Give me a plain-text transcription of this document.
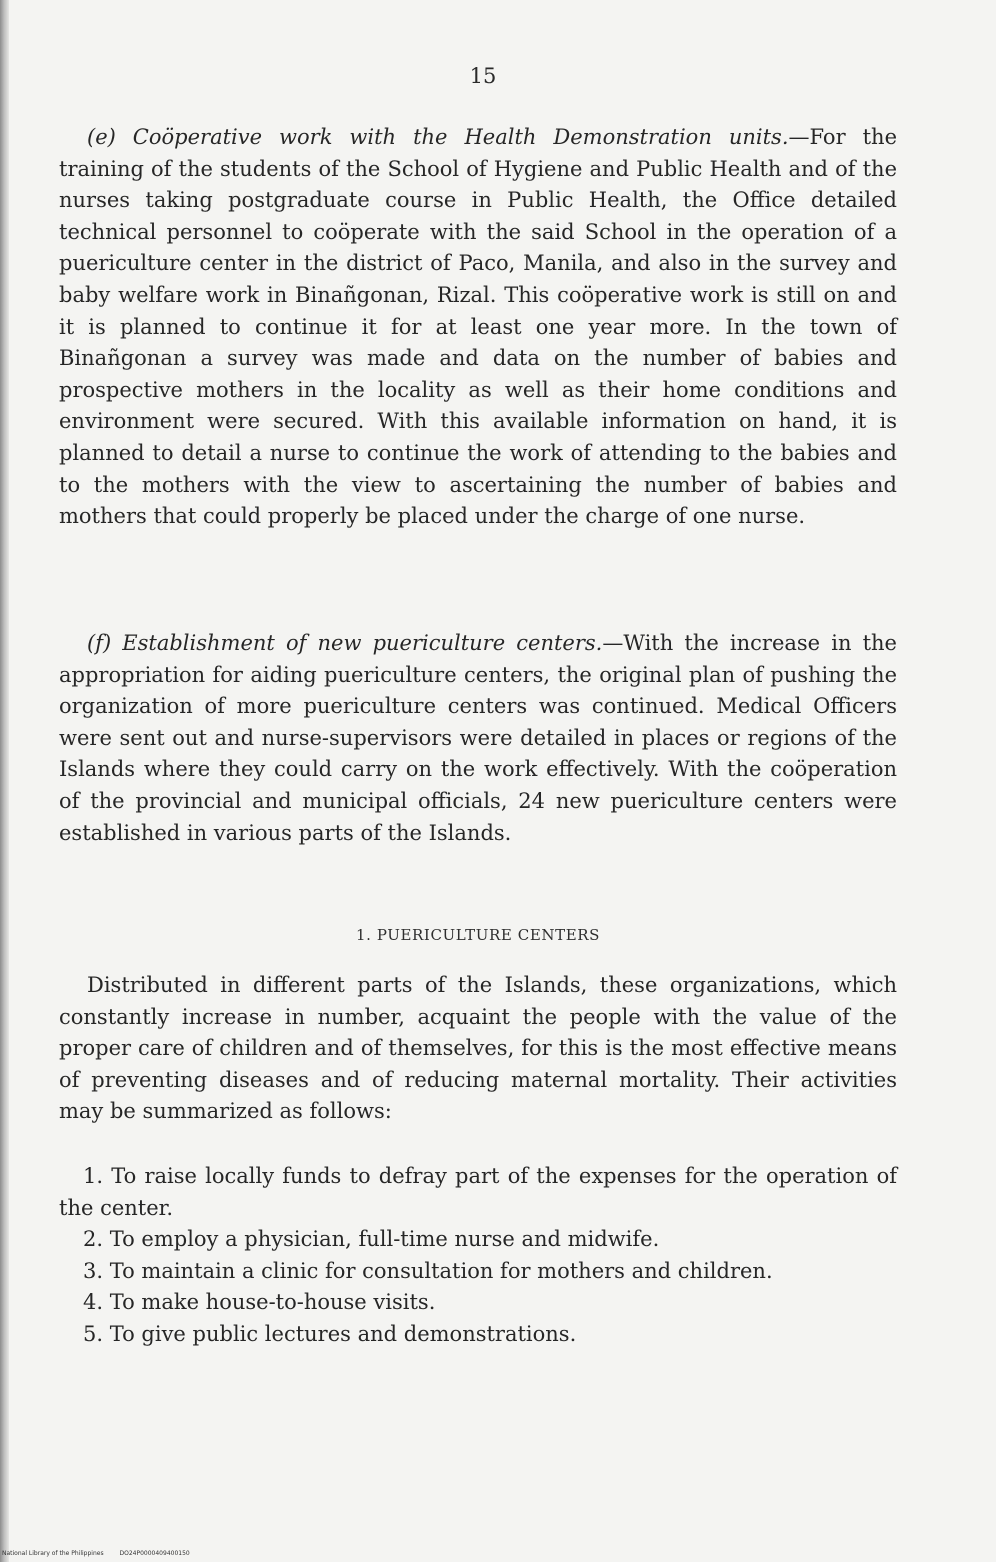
15

(e) Coöperative work with the Health Demonstration units.—For the training of the students of the School of Hygiene and Public Health and of the nurses taking postgraduate course in Public Health, the Office detailed technical personnel to coöperate with the said School in the operation of a puericulture center in the district of Paco, Manila, and also in the survey and baby welfare work in Binañgonan, Rizal. This coöperative work is still on and it is planned to continue it for at least one year more. In the town of Binañgonan a survey was made and data on the number of babies and prospective mothers in the locality as well as their home conditions and environment were secured. With this available information on hand, it is planned to detail a nurse to continue the work of attending to the babies and to the mothers with the view to ascertaining the number of babies and mothers that could properly be placed under the charge of one nurse.

(f) Establishment of new puericulture centers.—With the increase in the appropriation for aiding puericulture centers, the original plan of pushing the organization of more puericulture centers was continued. Medical Officers were sent out and nurse-supervisors were detailed in places or regions of the Islands where they could carry on the work effectively. With the coöperation of the provincial and municipal officials, 24 new puericulture centers were established in various parts of the Islands.

1. PUERICULTURE CENTERS

Distributed in different parts of the Islands, these organizations, which constantly increase in number, acquaint the people with the value of the proper care of children and of themselves, for this is the most effective means of preventing diseases and of reducing maternal mortality. Their activities may be summarized as follows:

1. To raise locally funds to defray part of the expenses for the operation of the center.
2. To employ a physician, full-time nurse and midwife.
3. To maintain a clinic for consultation for mothers and children.
4. To make house-to-house visits.
5. To give public lectures and demonstrations.
National Library of the Philippines	DO24P0000409400150
